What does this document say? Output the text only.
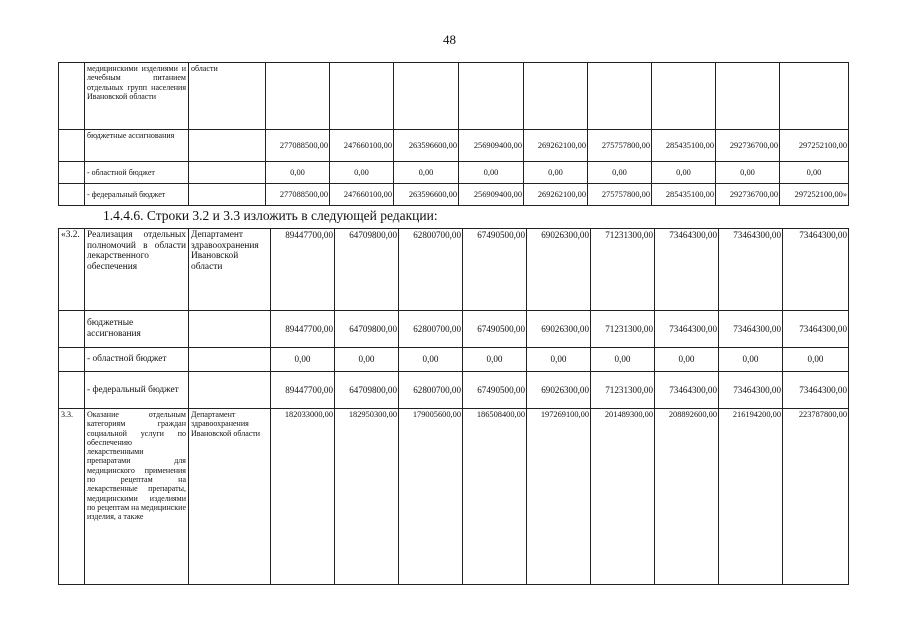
48
	медицинскими изделиями и лечебным питанием отдельных групп населения Ивановской области	области									
	бюджетные ассигнования		277088500,00	247660100,00	263596600,00	256909400,00	269262100,00	275757800,00	285435100,00	292736700,00	297252100,00
	- областной бюджет		0,00	0,00	0,00	0,00	0,00	0,00	0,00	0,00	0,00
	- федеральный бюджет		277088500,00	247660100,00	263596600,00	256909400,00	269262100,00	275757800,00	285435100,00	292736700,00	297252100,00»
1.4.4.6. Строки 3.2 и 3.3 изложить в следующей редакции:
«3.2.	Реализация отдельных полномочий в области лекарственного обеспечения	Департамент здравоохранения Ивановской области	89447700,00	64709800,00	62800700,00	67490500,00	69026300,00	71231300,00	73464300,00	73464300,00	73464300,00
	бюджетные ассигнования		89447700,00	64709800,00	62800700,00	67490500,00	69026300,00	71231300,00	73464300,00	73464300,00	73464300,00
	- областной бюджет		0,00	0,00	0,00	0,00	0,00	0,00	0,00	0,00	0,00
	- федеральный бюджет		89447700,00	64709800,00	62800700,00	67490500,00	69026300,00	71231300,00	73464300,00	73464300,00	73464300,00
3.3.	Оказание отдельным категориям граждан социальной услуги по обеспечению лекарственными препаратами для медицинского применения по рецептам на лекарственные препараты, медицинскими изделиями по рецептам на медицинские изделия, а также	Департамент здравоохранения Ивановской области	182033000,00	182950300,00	179005600,00	186508400,00	197269100,00	201489300,00	208892600,00	216194200,00	223787800,00
